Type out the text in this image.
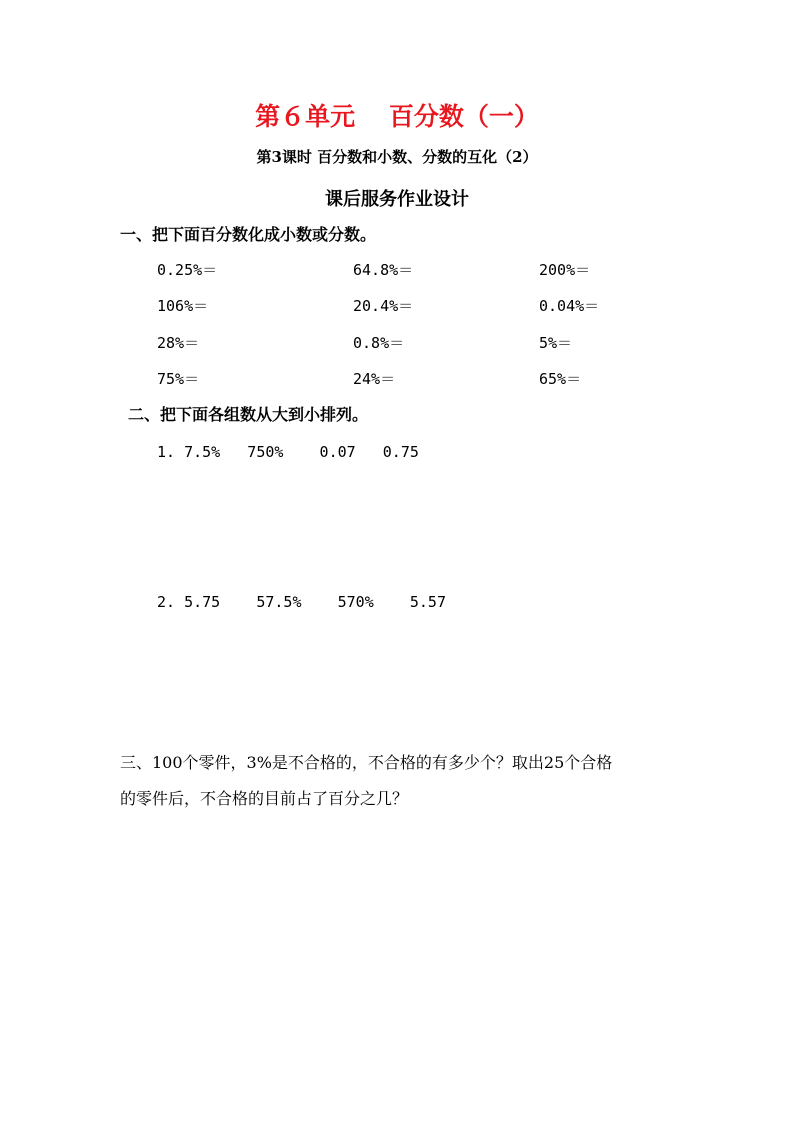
第６单元　 百分数（一）
第3课时 百分数和小数、分数的互化（2）
课后服务作业设计
一、把下面百分数化成小数或分数。
0.25%＝	64.8%＝	200%＝
106%＝	20.4%＝	0.04%＝
28%＝	0.8%＝	5%＝
75%＝	24%＝	65%＝
二、把下面各组数从大到小排列。
1. 7.5%   750%    0.07   0.75
2. 5.75    57.5%    570%    5.57
三、100个零件，3%是不合格的，不合格的有多少个？取出25个合格
的零件后，不合格的目前占了百分之几？
